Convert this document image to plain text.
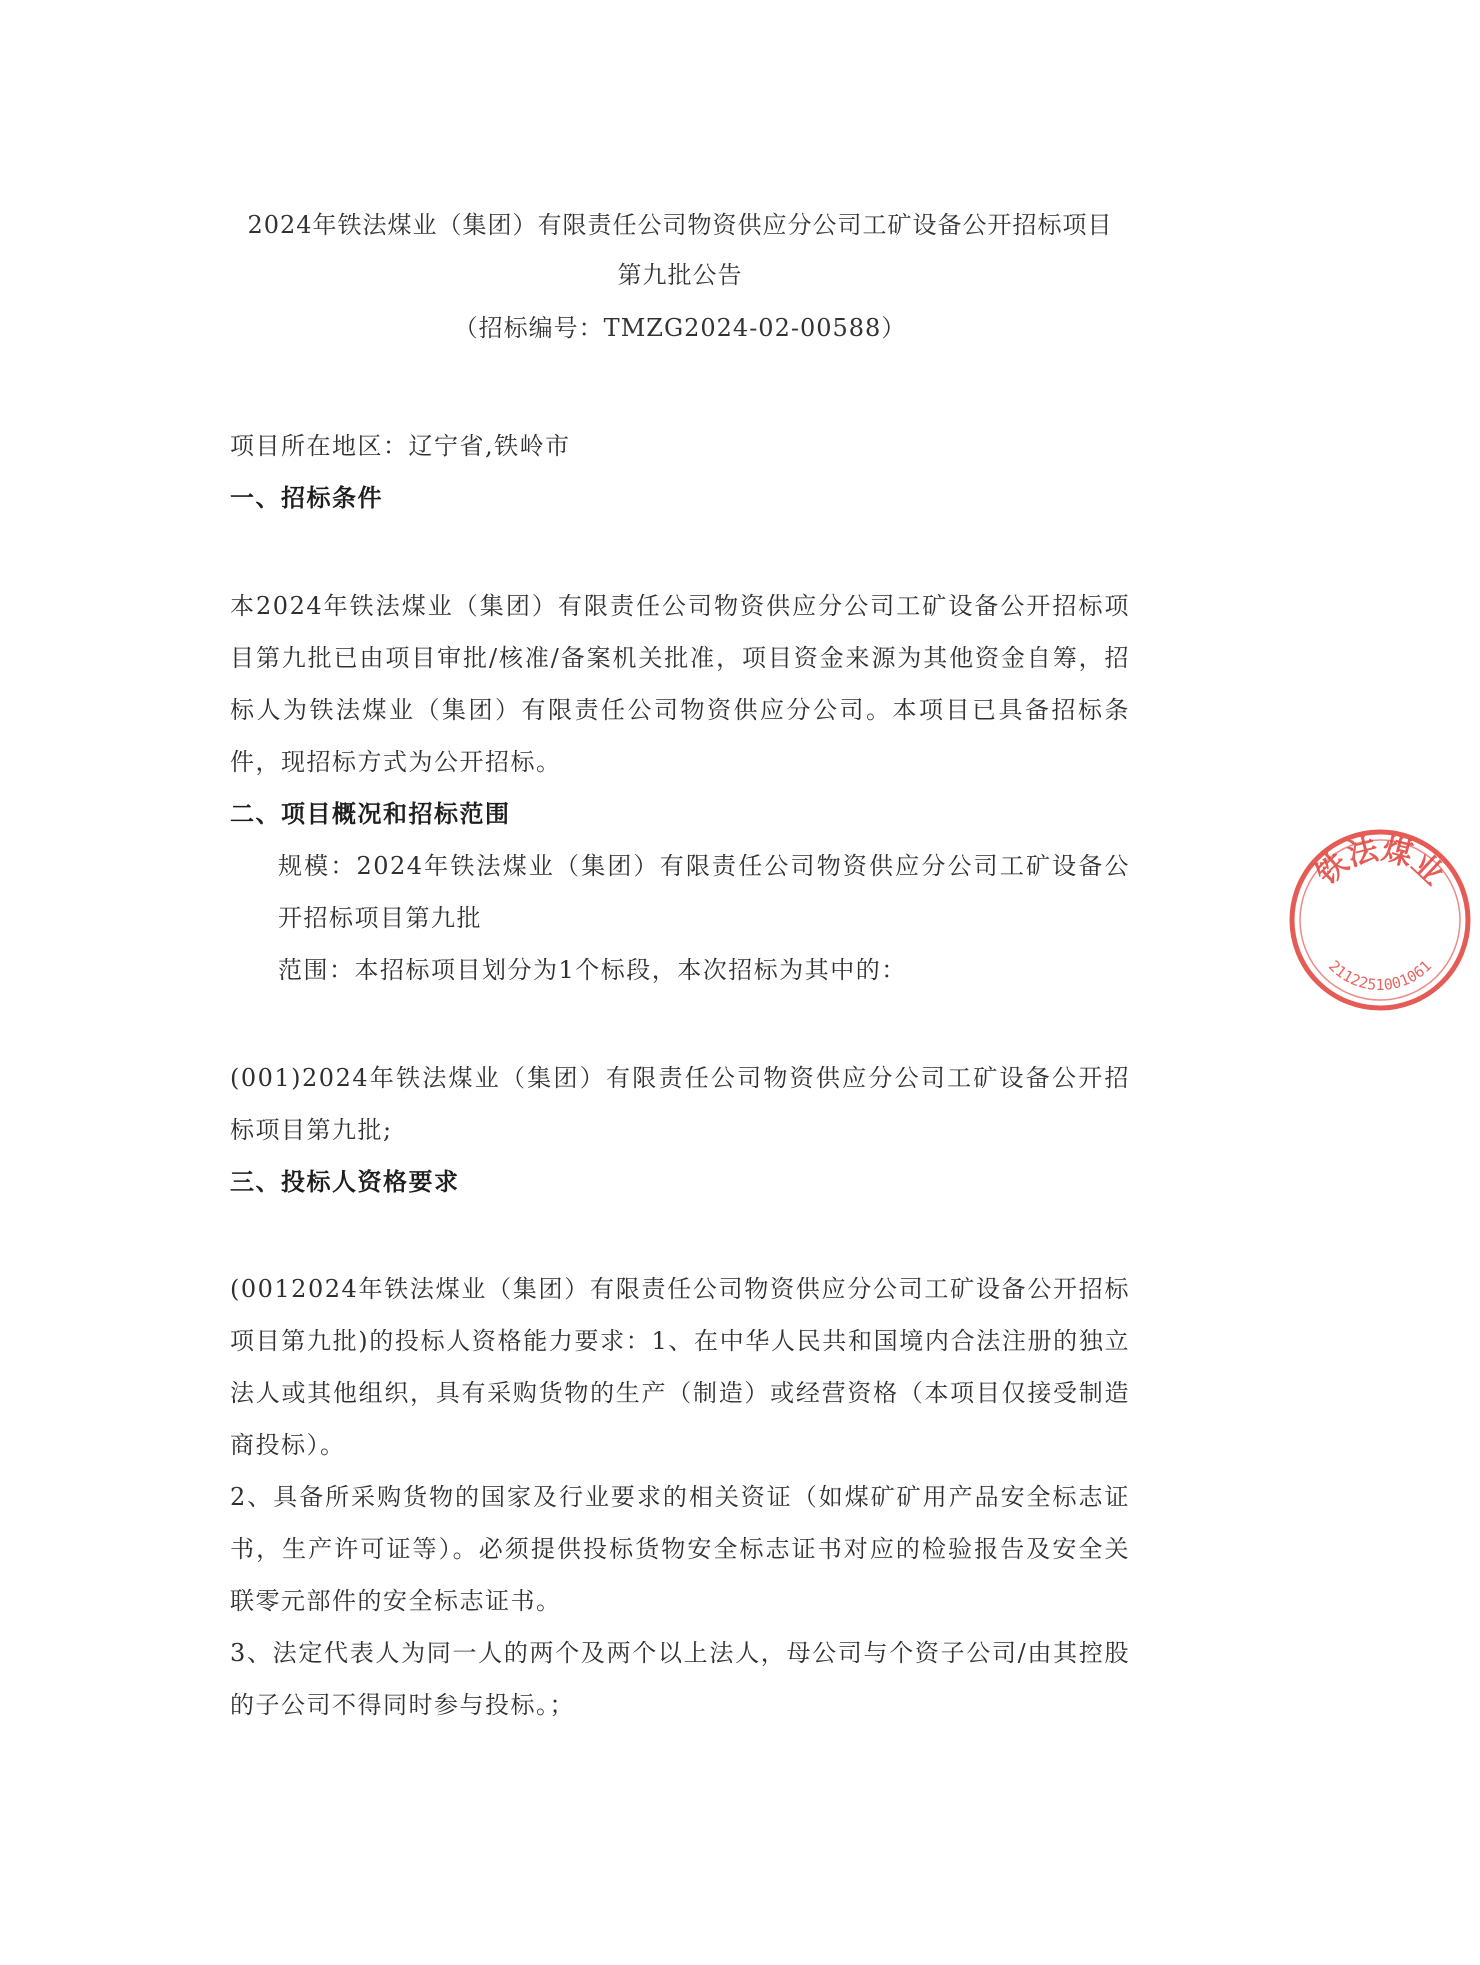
2024年铁法煤业（集团）有限责任公司物资供应分公司工矿设备公开招标项目
第九批公告
（招标编号：TMZG2024-02-00588）

项目所在地区：辽宁省,铁岭市

一、招标条件

本2024年铁法煤业（集团）有限责任公司物资供应分公司工矿设备公开招标项目第九批已由项目审批/核准/备案机关批准，项目资金来源为其他资金自筹，招标人为铁法煤业（集团）有限责任公司物资供应分公司。本项目已具备招标条件，现招标方式为公开招标。

二、项目概况和招标范围

规模：2024年铁法煤业（集团）有限责任公司物资供应分公司工矿设备公开招标项目第九批

范围：本招标项目划分为1个标段，本次招标为其中的：

(001)2024年铁法煤业（集团）有限责任公司物资供应分公司工矿设备公开招标项目第九批;

三、投标人资格要求

(0012024年铁法煤业（集团）有限责任公司物资供应分公司工矿设备公开招标项目第九批)的投标人资格能力要求：1、在中华人民共和国境内合法注册的独立法人或其他组织，具有采购货物的生产（制造）或经营资格（本项目仅接受制造商投标）。

2、具备所采购货物的国家及行业要求的相关资证（如煤矿矿用产品安全标志证书，生产许可证等）。必须提供投标货物安全标志证书对应的检验报告及安全关联零元部件的安全标志证书。

3、法定代表人为同一人的两个及两个以上法人，母公司与个资子公司/由其控股的子公司不得同时参与投标。；

铁法煤业
2112251001061
